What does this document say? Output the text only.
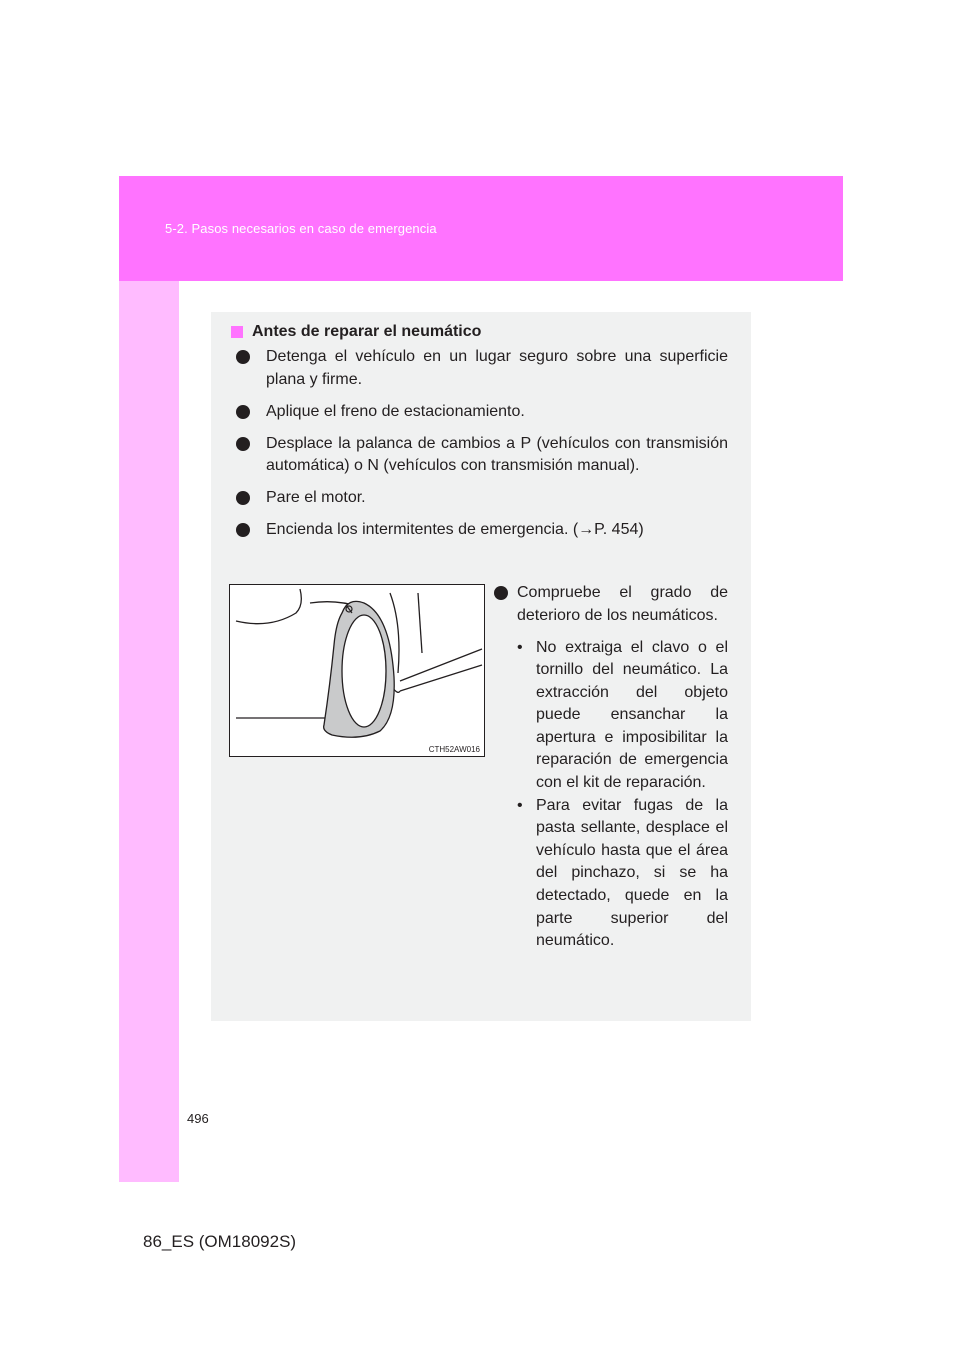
5-2. Pasos necesarios en caso de emergencia
Antes de reparar el neumático
Detenga el vehículo en un lugar seguro sobre una superficie plana y firme.
Aplique el freno de estacionamiento.
Desplace la palanca de cambios a P (vehículos con transmisión automática) o N (vehículos con transmisión manual).
Pare el motor.
Encienda los intermitentes de emergencia. (→P. 454)
CTH52AW016
Compruebe el grado de deterioro de los neumáticos.
• No extraiga el clavo o el tornillo del neumático. La extracción del objeto puede ensanchar la apertura e imposibilitar la reparación de emergencia con el kit de reparación.
• Para evitar fugas de la pasta sellante, desplace el vehículo hasta que el área del pinchazo, si se ha detectado, quede en la parte superior del neumático.
496
86_ES (OM18092S)
